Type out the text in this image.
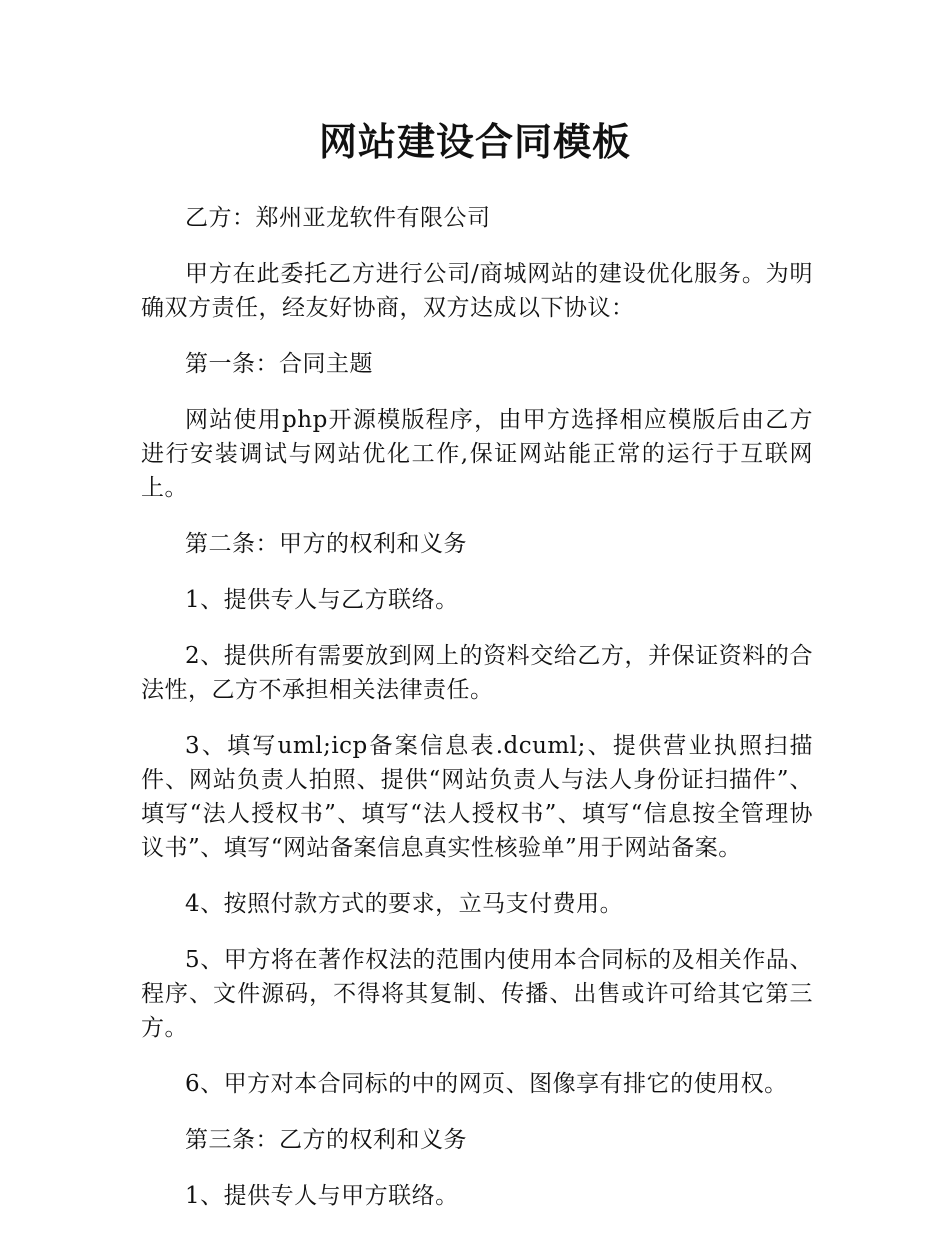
网站建设合同模板

乙方：郑州亚龙软件有限公司

甲方在此委托乙方进行公司/商城网站的建设优化服务。为明确双方责任，经友好协商，双方达成以下协议：

第一条：合同主题

网站使用php开源模版程序，由甲方选择相应模版后由乙方进行安装调试与网站优化工作,保证网站能正常的运行于互联网上。

第二条：甲方的权利和义务

1、提供专人与乙方联络。

2、提供所有需要放到网上的资料交给乙方，并保证资料的合法性，乙方不承担相关法律责任。

3、填写uml;icp备案信息表.dcuml;、提供营业执照扫描件、网站负责人拍照、提供“网站负责人与法人身份证扫描件”、填写“法人授权书”、填写“法人授权书”、填写“信息按全管理协议书”、填写“网站备案信息真实性核验单”用于网站备案。

4、按照付款方式的要求，立马支付费用。

5、甲方将在著作权法的范围内使用本合同标的及相关作品、程序、文件源码，不得将其复制、传播、出售或许可给其它第三方。

6、甲方对本合同标的中的网页、图像享有排它的使用权。

第三条：乙方的权利和义务

1、提供专人与甲方联络。
